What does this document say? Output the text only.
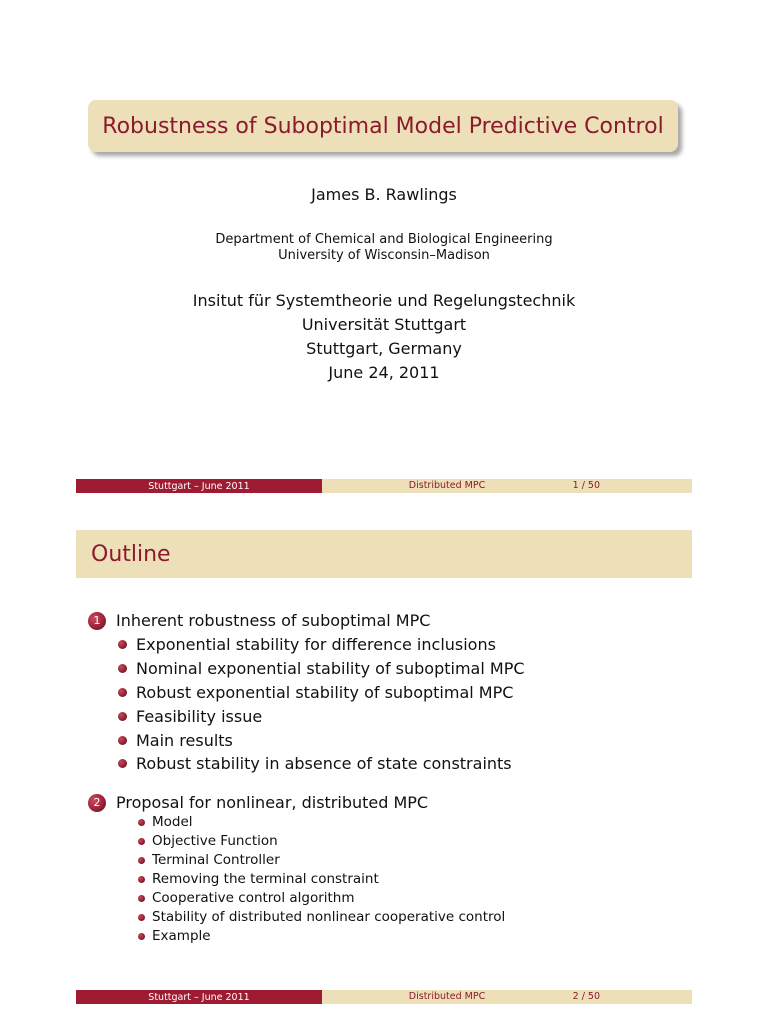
Robustness of Suboptimal Model Predictive Control
James B. Rawlings
Department of Chemical and Biological Engineering
University of Wisconsin–Madison
Insitut für Systemtheorie und Regelungstechnik
Universität Stuttgart
Stuttgart, Germany
June 24, 2011
Stuttgart – June 2011	Distributed MPC	1 / 50
Outline
1 Inherent robustness of suboptimal MPC
Exponential stability for difference inclusions
Nominal exponential stability of suboptimal MPC
Robust exponential stability of suboptimal MPC
Feasibility issue
Main results
Robust stability in absence of state constraints
2 Proposal for nonlinear, distributed MPC
Model
Objective Function
Terminal Controller
Removing the terminal constraint
Cooperative control algorithm
Stability of distributed nonlinear cooperative control
Example
Stuttgart – June 2011	Distributed MPC	2 / 50
